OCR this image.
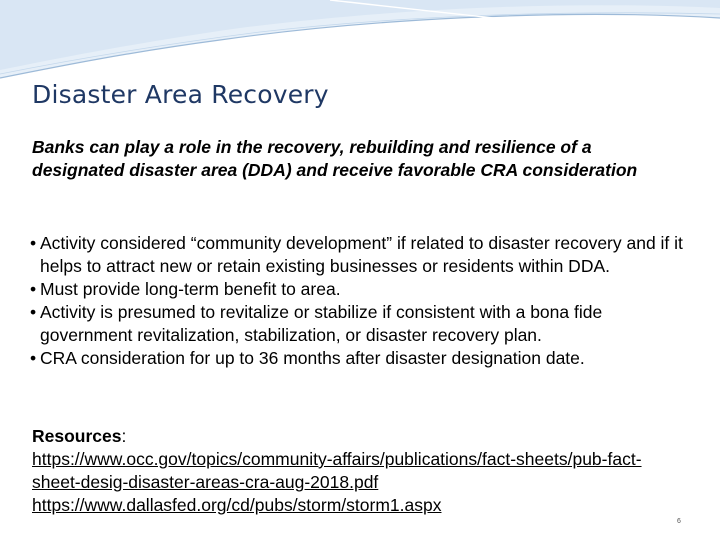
Disaster Area Recovery
Banks can play a role in the recovery, rebuilding and resilience of a designated disaster area (DDA) and receive favorable CRA consideration
• Activity considered “community development” if related to disaster recovery and if it helps to attract new or retain existing businesses or residents within DDA.
• Must provide long-term benefit to area.
• Activity is presumed to revitalize or stabilize if consistent with a bona fide government revitalization, stabilization, or disaster recovery plan.
• CRA consideration for up to 36 months after disaster designation date.
Resources:
https://www.occ.gov/topics/community-affairs/publications/fact-sheets/pub-fact-sheet-desig-disaster-areas-cra-aug-2018.pdf
https://www.dallasfed.org/cd/pubs/storm/storm1.aspx
6
